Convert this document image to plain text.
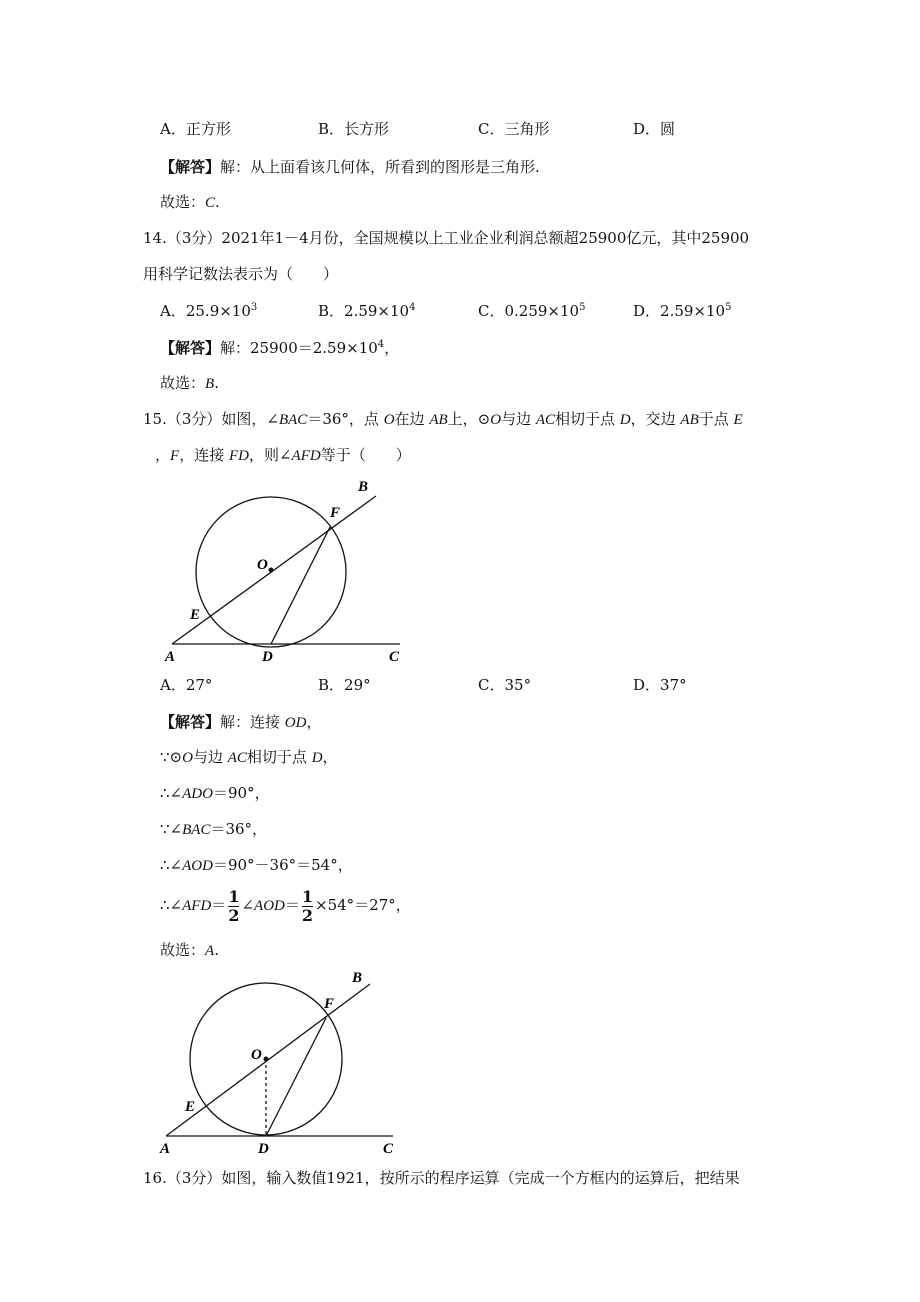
A．正方形	B．长方形	C．三角形	D．圆
【解答】解：从上面看该几何体，所看到的图形是三角形.
故选：C.
14.（3分）2021年1－4月份，全国规模以上工业企业利润总额超25900亿元，其中25900
用科学记数法表示为（　　）
A．$25.9\times 10^3$	B．$2.59\times 10^4$	C．$0.259\times 10^5$	D．$2.59\times 10^5$
【解答】解：$25900=2.59\times 10^4$，
故选：B.
15.（3分）如图，∠BAC＝36°，点 O在边 AB上，⊙O与边 AC相切于点 D，交边 AB于点 E
，F，连接 FD，则∠AFD等于（　　）
B
F
O
E
A	D	C
A．27°	B．29°	C．35°	D．37°
【解答】解：连接 OD，
∵⊙O与边 AC相切于点 D，
∴∠ADO＝90°，
∵∠BAC＝36°，
∴∠AOD＝90°－36°＝54°，
∴∠AFD＝ $\frac{1}{2}$ ∠AOD＝ $\frac{1}{2} \times 54^\circ=27^\circ$，
故选：A.
B
F
O
E
A	D	C
16.（3分）如图，输入数值1921，按所示的程序运算（完成一个方框内的运算后，把结果
